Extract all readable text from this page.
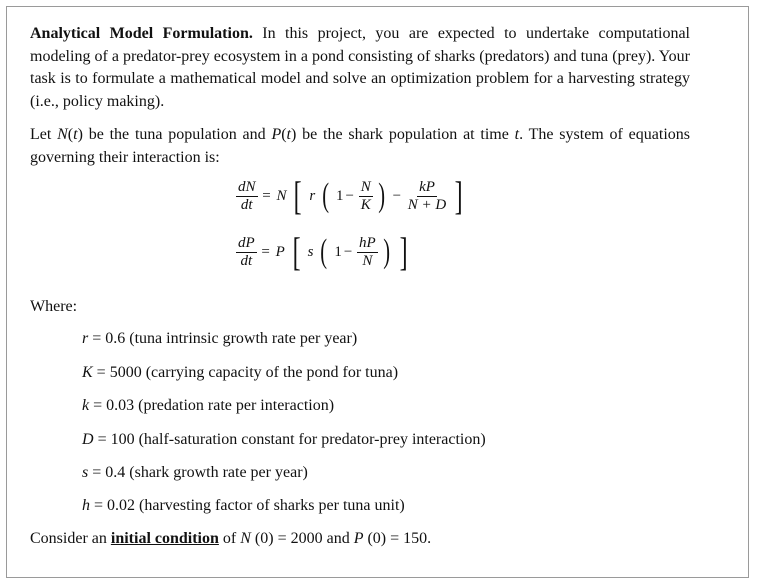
Analytical Model Formulation. In this project, you are expected to undertake computational modeling of a predator-prey ecosystem in a pond consisting of sharks (predators) and tuna (prey). Your task is to formulate a mathematical model and solve an optimization problem for a harvesting strategy (i.e., policy making).
Let N(t) be the tuna population and P(t) be the shark population at time t. The system of equations governing their interaction is:
$\frac{dN}{dt} = N$ [ r ( $1 - \frac{N}{K}$ ) − $\frac{kP}{N + D}$ ]
$\frac{dP}{dt} = P$ [ s ( $1 - \frac{hP}{N}$ ) ]
Where:
r = 0.6 (tuna intrinsic growth rate per year)
K = 5000 (carrying capacity of the pond for tuna)
k = 0.03 (predation rate per interaction)
D = 100 (half-saturation constant for predator-prey interaction)
s = 0.4 (shark growth rate per year)
h = 0.02 (harvesting factor of sharks per tuna unit)
Consider an initial condition of N (0) = 2000 and P (0) = 150.
